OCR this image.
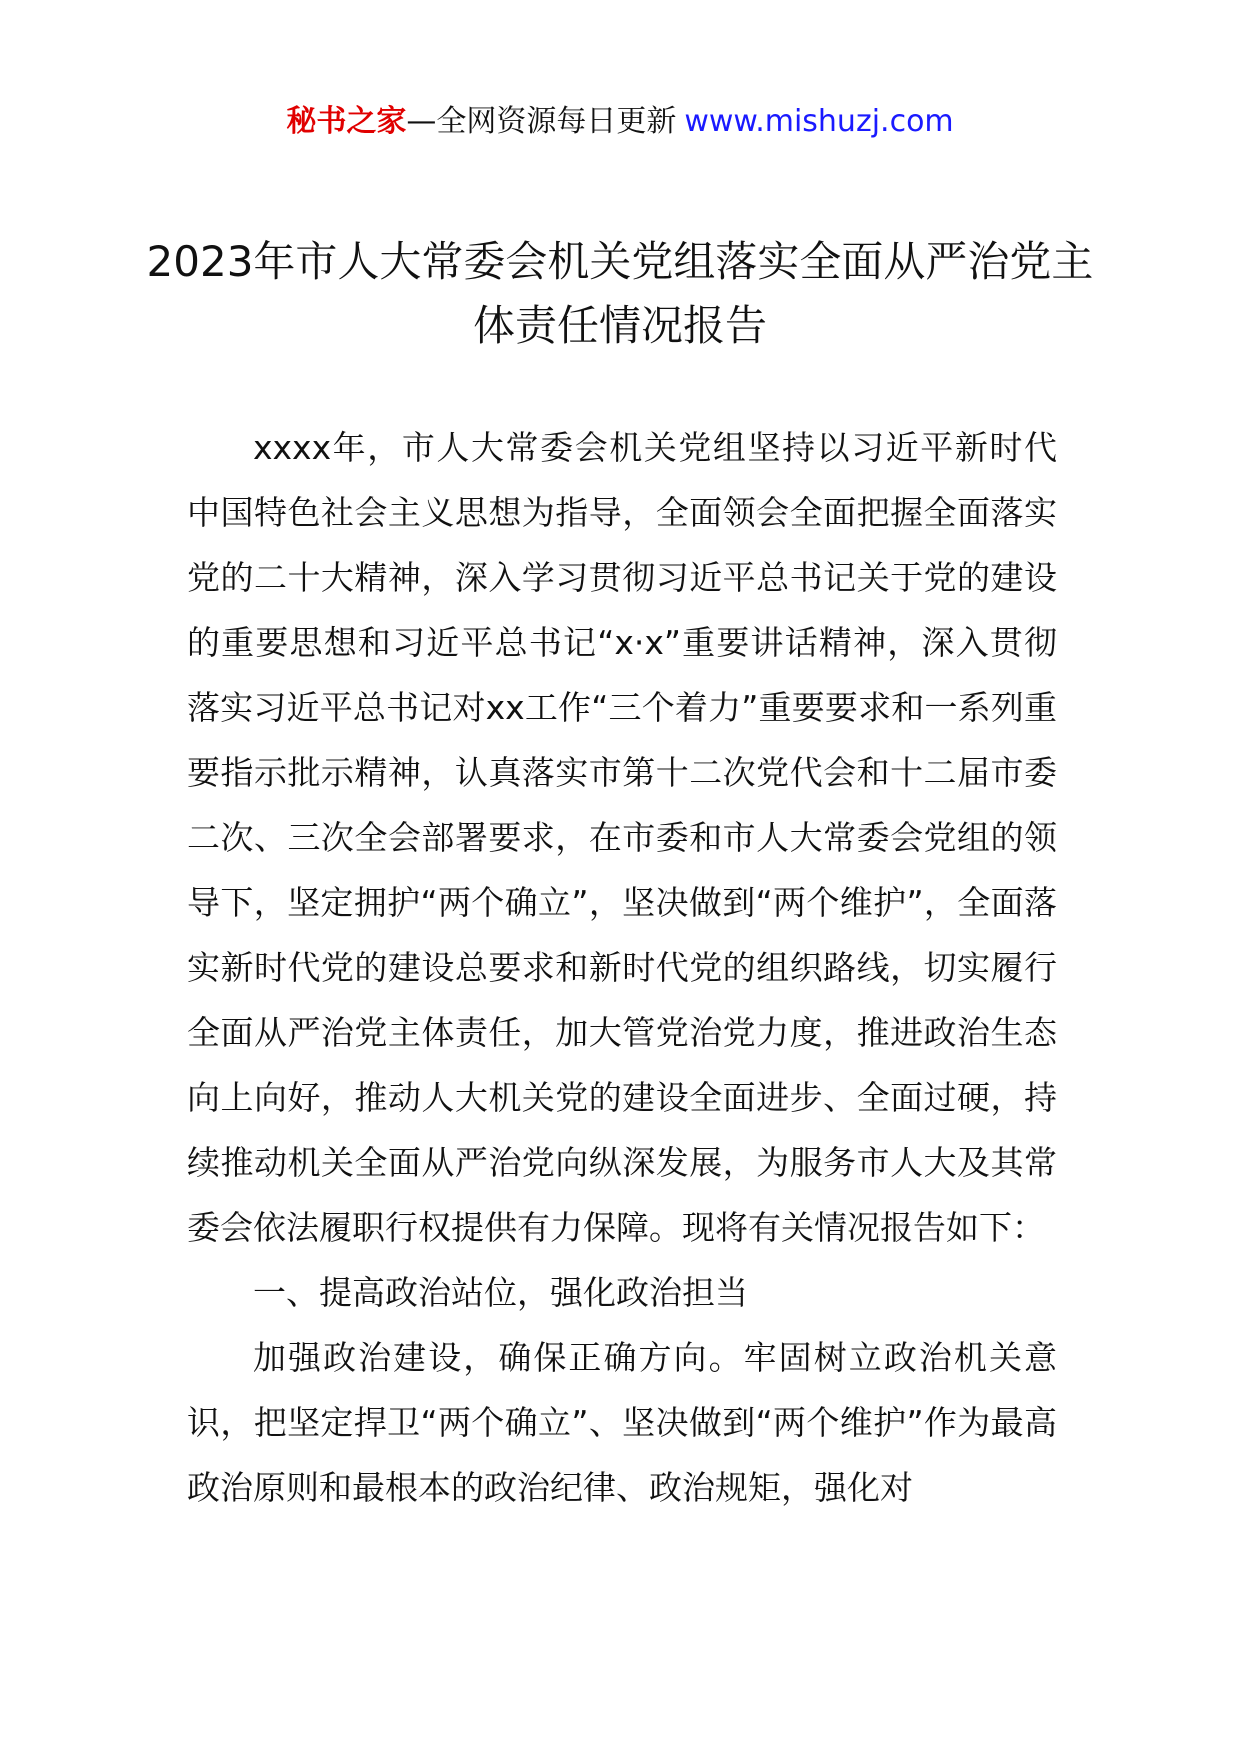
秘书之家—全网资源每日更新 www.mishuzj.com
2023年市人大常委会机关党组落实全面从严治党主体责任情况报告

xxxx年，市人大常委会机关党组坚持以习近平新时代中国特色社会主义思想为指导，全面领会全面把握全面落实党的二十大精神，深入学习贯彻习近平总书记关于党的建设的重要思想和习近平总书记“x·x”重要讲话精神，深入贯彻落实习近平总书记对xx工作“三个着力”重要要求和一系列重要指示批示精神，认真落实市第十二次党代会和十二届市委二次、三次全会部署要求，在市委和市人大常委会党组的领导下，坚定拥护“两个确立”，坚决做到“两个维护”，全面落实新时代党的建设总要求和新时代党的组织路线，切实履行全面从严治党主体责任，加大管党治党力度，推进政治生态向上向好，推动人大机关党的建设全面进步、全面过硬，持续推动机关全面从严治党向纵深发展，为服务市人大及其常委会依法履职行权提供有力保障。现将有关情况报告如下：

一、提高政治站位，强化政治担当

加强政治建设，确保正确方向。牢固树立政治机关意识，把坚定捍卫“两个确立”、坚决做到“两个维护”作为最高政治原则和最根本的政治纪律、政治规矩，强化对
